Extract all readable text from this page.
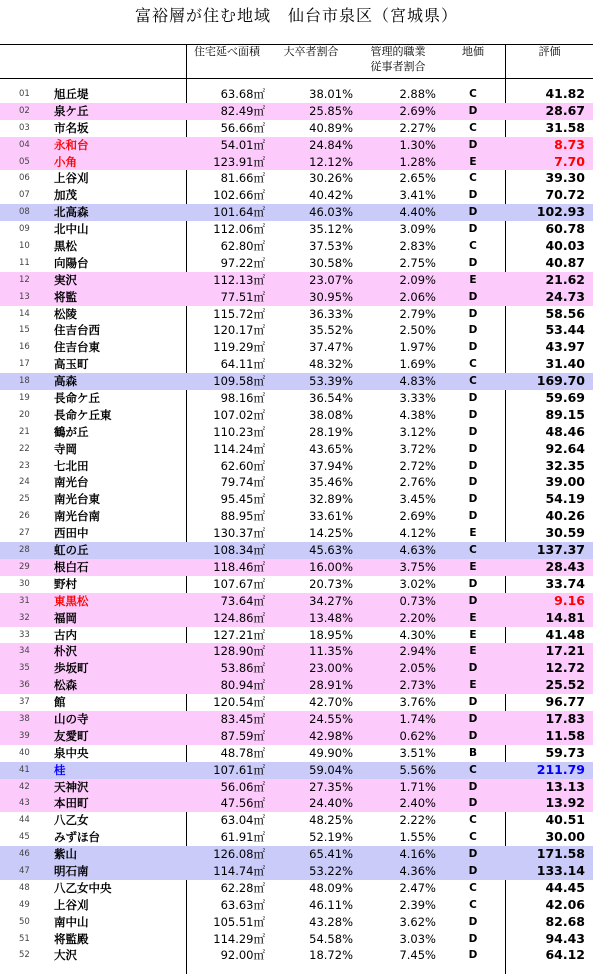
富裕層が住む地域　仙台市泉区（宮城県）
住宅延べ面積	大卒者割合	管理的職業
従事者割合
地価	評価
01 旭丘堤	63.68㎡	38.01%	2.88%	C	41.82
02 泉ケ丘	82.49㎡	25.85%	2.69%	D	28.67
03 市名坂	56.66㎡	40.89%	2.27%	C	31.58
04 永和台	54.01㎡	24.84%	1.30%	D	8.73
05 小角	123.91㎡	12.12%	1.28%	E	7.70
06 上谷刈	81.66㎡	30.26%	2.65%	C	39.30
07 加茂	102.66㎡	40.42%	3.41%	D	70.72
08 北高森	101.64㎡	46.03%	4.40%	D	102.93
09 北中山	112.06㎡	35.12%	3.09%	D	60.78
10 黒松	62.80㎡	37.53%	2.83%	C	40.03
11 向陽台	97.22㎡	30.58%	2.75%	D	40.87
12 実沢	112.13㎡	23.07%	2.09%	E	21.62
13 将監	77.51㎡	30.95%	2.06%	D	24.73
14 松陵	115.72㎡	36.33%	2.79%	D	58.56
15 住吉台西	120.17㎡	35.52%	2.50%	D	53.44
16 住吉台東	119.29㎡	37.47%	1.97%	D	43.97
17 高玉町	64.11㎡	48.32%	1.69%	C	31.40
18 高森	109.58㎡	53.39%	4.83%	C	169.70
19 長命ケ丘	98.16㎡	36.54%	3.33%	D	59.69
20 長命ケ丘東	107.02㎡	38.08%	4.38%	D	89.15
21 鶴が丘	110.23㎡	28.19%	3.12%	D	48.46
22 寺岡	114.24㎡	43.65%	3.72%	D	92.64
23 七北田	62.60㎡	37.94%	2.72%	D	32.35
24 南光台	79.74㎡	35.46%	2.76%	D	39.00
25 南光台東	95.45㎡	32.89%	3.45%	D	54.19
26 南光台南	88.95㎡	33.61%	2.69%	D	40.26
27 西田中	130.37㎡	14.25%	4.12%	E	30.59
28 虹の丘	108.34㎡	45.63%	4.63%	C	137.37
29 根白石	118.46㎡	16.00%	3.75%	E	28.43
30 野村	107.67㎡	20.73%	3.02%	D	33.74
31 東黒松	73.64㎡	34.27%	0.73%	D	9.16
32 福岡	124.86㎡	13.48%	2.20%	E	14.81
33 古内	127.21㎡	18.95%	4.30%	E	41.48
34 朴沢	128.90㎡	11.35%	2.94%	E	17.21
35 歩坂町	53.86㎡	23.00%	2.05%	D	12.72
36 松森	80.94㎡	28.91%	2.73%	E	25.52
37 館	120.54㎡	42.70%	3.76%	D	96.77
38 山の寺	83.45㎡	24.55%	1.74%	D	17.83
39 友愛町	87.59㎡	42.98%	0.62%	D	11.58
40 泉中央	48.78㎡	49.90%	3.51%	B	59.73
41 桂	107.61㎡	59.04%	5.56%	C	211.79
42 天神沢	56.06㎡	27.35%	1.71%	D	13.13
43 本田町	47.56㎡	24.40%	2.40%	D	13.92
44 八乙女	63.04㎡	48.25%	2.22%	C	40.51
45 みずほ台	61.91㎡	52.19%	1.55%	C	30.00
46 紫山	126.08㎡	65.41%	4.16%	D	171.58
47 明石南	114.74㎡	53.22%	4.36%	D	133.14
48 八乙女中央	62.28㎡	48.09%	2.47%	C	44.45
49 上谷刈	63.63㎡	46.11%	2.39%	C	42.06
50 南中山	105.51㎡	43.28%	3.62%	D	82.68
51 将監殿	114.29㎡	54.58%	3.03%	D	94.43
52 大沢	92.00㎡	18.72%	7.45%	D	64.12
